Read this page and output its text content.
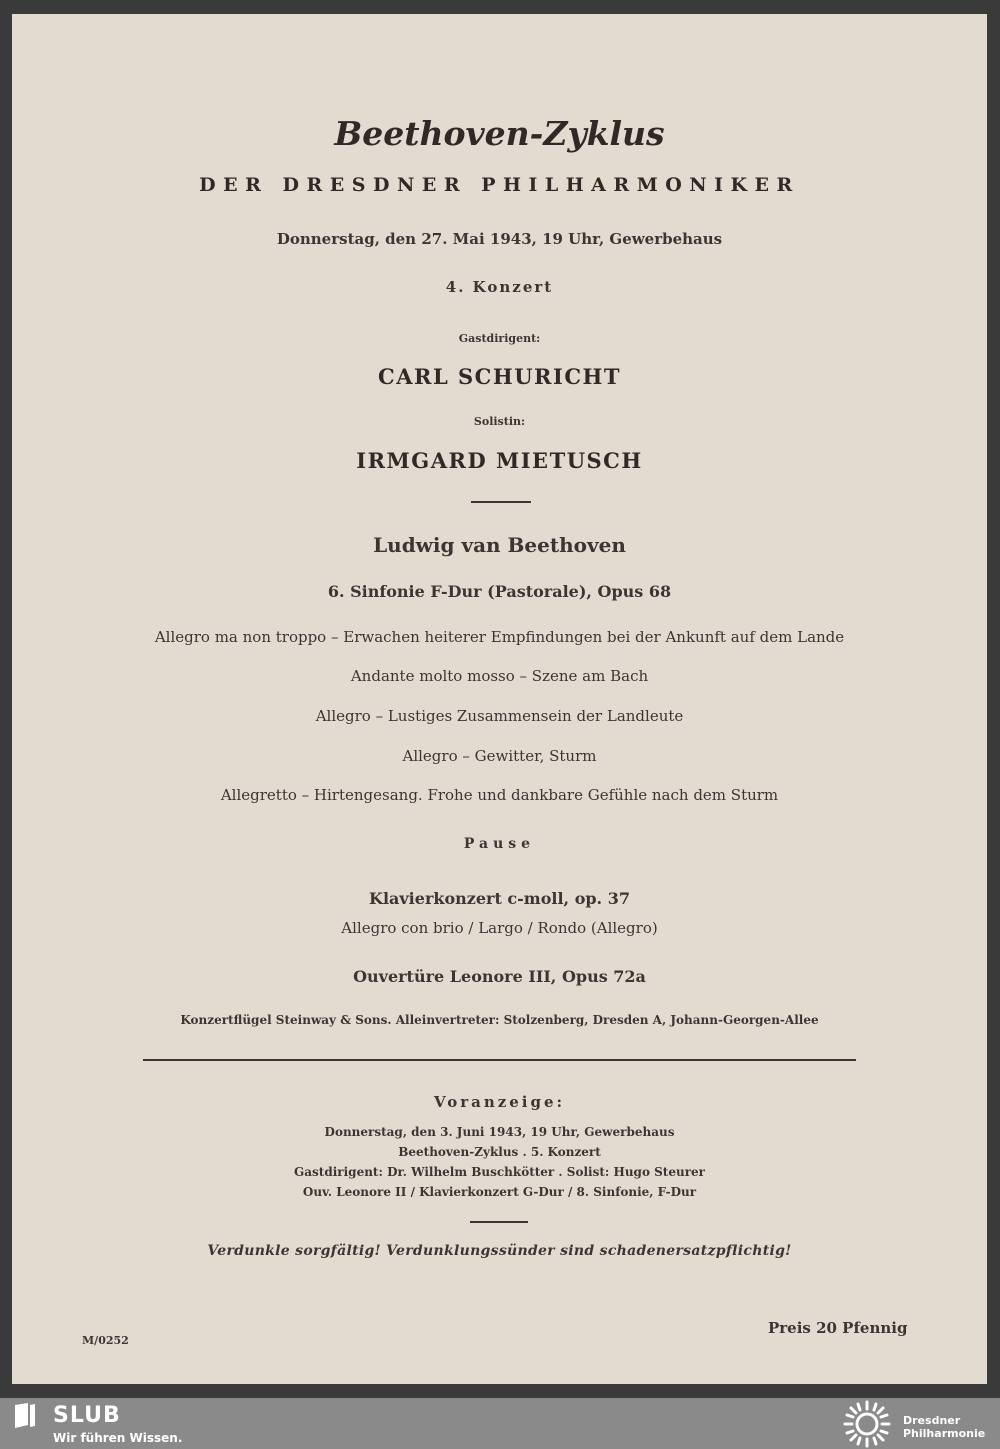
Beethoven-Zyklus
DER DRESDNER PHILHARMONIKER
Donnerstag, den 27. Mai 1943, 19 Uhr, Gewerbehaus
4. Konzert
Gastdirigent:
CARL SCHURICHT
Solistin:
IRMGARD MIETUSCH
Ludwig van Beethoven
6. Sinfonie F-Dur (Pastorale), Opus 68
Allegro ma non troppo – Erwachen heiterer Empfindungen bei der Ankunft auf dem Lande
Andante molto mosso – Szene am Bach
Allegro – Lustiges Zusammensein der Landleute
Allegro – Gewitter, Sturm
Allegretto – Hirtengesang. Frohe und dankbare Gefühle nach dem Sturm
Pause
Klavierkonzert c-moll, op. 37
Allegro con brio / Largo / Rondo (Allegro)
Ouvertüre Leonore III, Opus 72a
Konzertflügel Steinway & Sons. Alleinvertreter: Stolzenberg, Dresden A, Johann-Georgen-Allee
Voranzeige:
Donnerstag, den 3. Juni 1943, 19 Uhr, Gewerbehaus
Beethoven-Zyklus . 5. Konzert
Gastdirigent: Dr. Wilhelm Buschkötter . Solist: Hugo Steurer
Ouv. Leonore II / Klavierkonzert G-Dur / 8. Sinfonie, F-Dur
Verdunkle sorgfältig! Verdunklungssünder sind schadenersatzpflichtig!
M/0252
Preis 20 Pfennig
SLUB
Wir führen Wissen.
Dresdner
Philharmonie
